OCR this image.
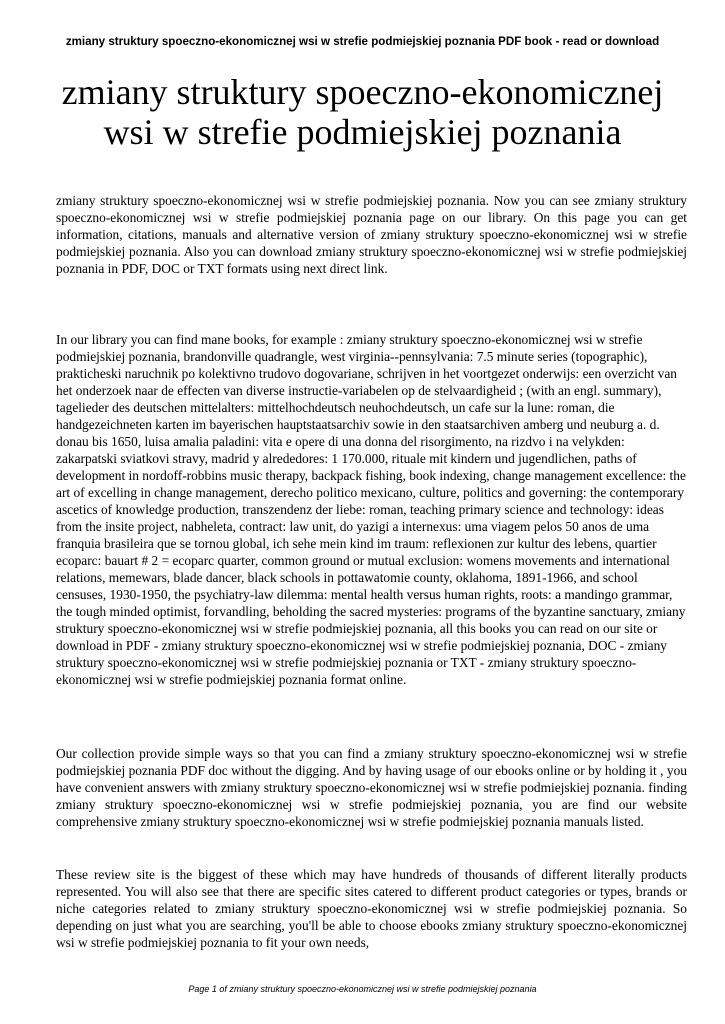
zmiany struktury spoeczno-ekonomicznej wsi w strefie podmiejskiej poznania PDF book - read or download
zmiany struktury spoeczno-ekonomicznej wsi w strefie podmiejskiej poznania

zmiany struktury spoeczno-ekonomicznej wsi w strefie podmiejskiej poznania. Now you can see zmiany struktury spoeczno-ekonomicznej wsi w strefie podmiejskiej poznania page on our library. On this page you can get information, citations, manuals and alternative version of zmiany struktury spoeczno-ekonomicznej wsi w strefie podmiejskiej poznania. Also you can download zmiany struktury spoeczno-ekonomicznej wsi w strefie podmiejskiej poznania in PDF, DOC or TXT formats using next direct link.

In our library you can find mane books, for example : zmiany struktury spoeczno-ekonomicznej wsi w strefie podmiejskiej poznania, brandonville quadrangle, west virginia--pennsylvania: 7.5 minute series (topographic), prakticheski naruchnik po kolektivno trudovo dogovariane, schrijven in het voortgezet onderwijs: een overzicht van het onderzoek naar de effecten van diverse instructie-variabelen op de stelvaardigheid ; (with an engl. summary), tagelieder des deutschen mittelalters: mittelhochdeutsch neuhochdeutsch, un cafe sur la lune: roman, die handgezeichneten karten im bayerischen hauptstaatsarchiv sowie in den staatsarchiven amberg und neuburg a. d. donau bis 1650, luisa amalia paladini: vita e opere di una donna del risorgimento, na rizdvo i na velykden: zakarpatski sviatkovi stravy, madrid y alrededores: 1 170.000, rituale mit kindern und jugendlichen, paths of development in nordoff-robbins music therapy, backpack fishing, book indexing, change management excellence: the art of excelling in change management, derecho politico mexicano, culture, politics and governing: the contemporary ascetics of knowledge production, transzendenz der liebe: roman, teaching primary science and technology: ideas from the insite project, nabheleta, contract: law unit, do yazigi a internexus: uma viagem pelos 50 anos de uma franquia brasileira que se tornou global, ich sehe mein kind im traum: reflexionen zur kultur des lebens, quartier ecoparc: bauart # 2 = ecoparc quarter, common ground or mutual exclusion: womens movements and international relations, memewars, blade dancer, black schools in pottawatomie county, oklahoma, 1891-1966, and school censuses, 1930-1950, the psychiatry-law dilemma: mental health versus human rights, roots: a mandingo grammar, the tough minded optimist, forvandling, beholding the sacred mysteries: programs of the byzantine sanctuary, zmiany struktury spoeczno-ekonomicznej wsi w strefie podmiejskiej poznania, all this books you can read on our site or download in PDF - zmiany struktury spoeczno-ekonomicznej wsi w strefie podmiejskiej poznania, DOC - zmiany struktury spoeczno-ekonomicznej wsi w strefie podmiejskiej poznania or TXT - zmiany struktury spoeczno-ekonomicznej wsi w strefie podmiejskiej poznania format online.

Our collection provide simple ways so that you can find a zmiany struktury spoeczno-ekonomicznej wsi w strefie podmiejskiej poznania PDF doc without the digging. And by having usage of our ebooks online or by holding it , you have convenient answers with zmiany struktury spoeczno-ekonomicznej wsi w strefie podmiejskiej poznania. finding zmiany struktury spoeczno-ekonomicznej wsi w strefie podmiejskiej poznania, you are find our website comprehensive zmiany struktury spoeczno-ekonomicznej wsi w strefie podmiejskiej poznania manuals listed.

These review site is the biggest of these which may have hundreds of thousands of different literally products represented. You will also see that there are specific sites catered to different product categories or types, brands or niche categories related to zmiany struktury spoeczno-ekonomicznej wsi w strefie podmiejskiej poznania. So depending on just what you are searching, you'll be able to choose ebooks zmiany struktury spoeczno-ekonomicznej wsi w strefie podmiejskiej poznania to fit your own needs,

Page 1 of zmiany struktury spoeczno-ekonomicznej wsi w strefie podmiejskiej poznania
